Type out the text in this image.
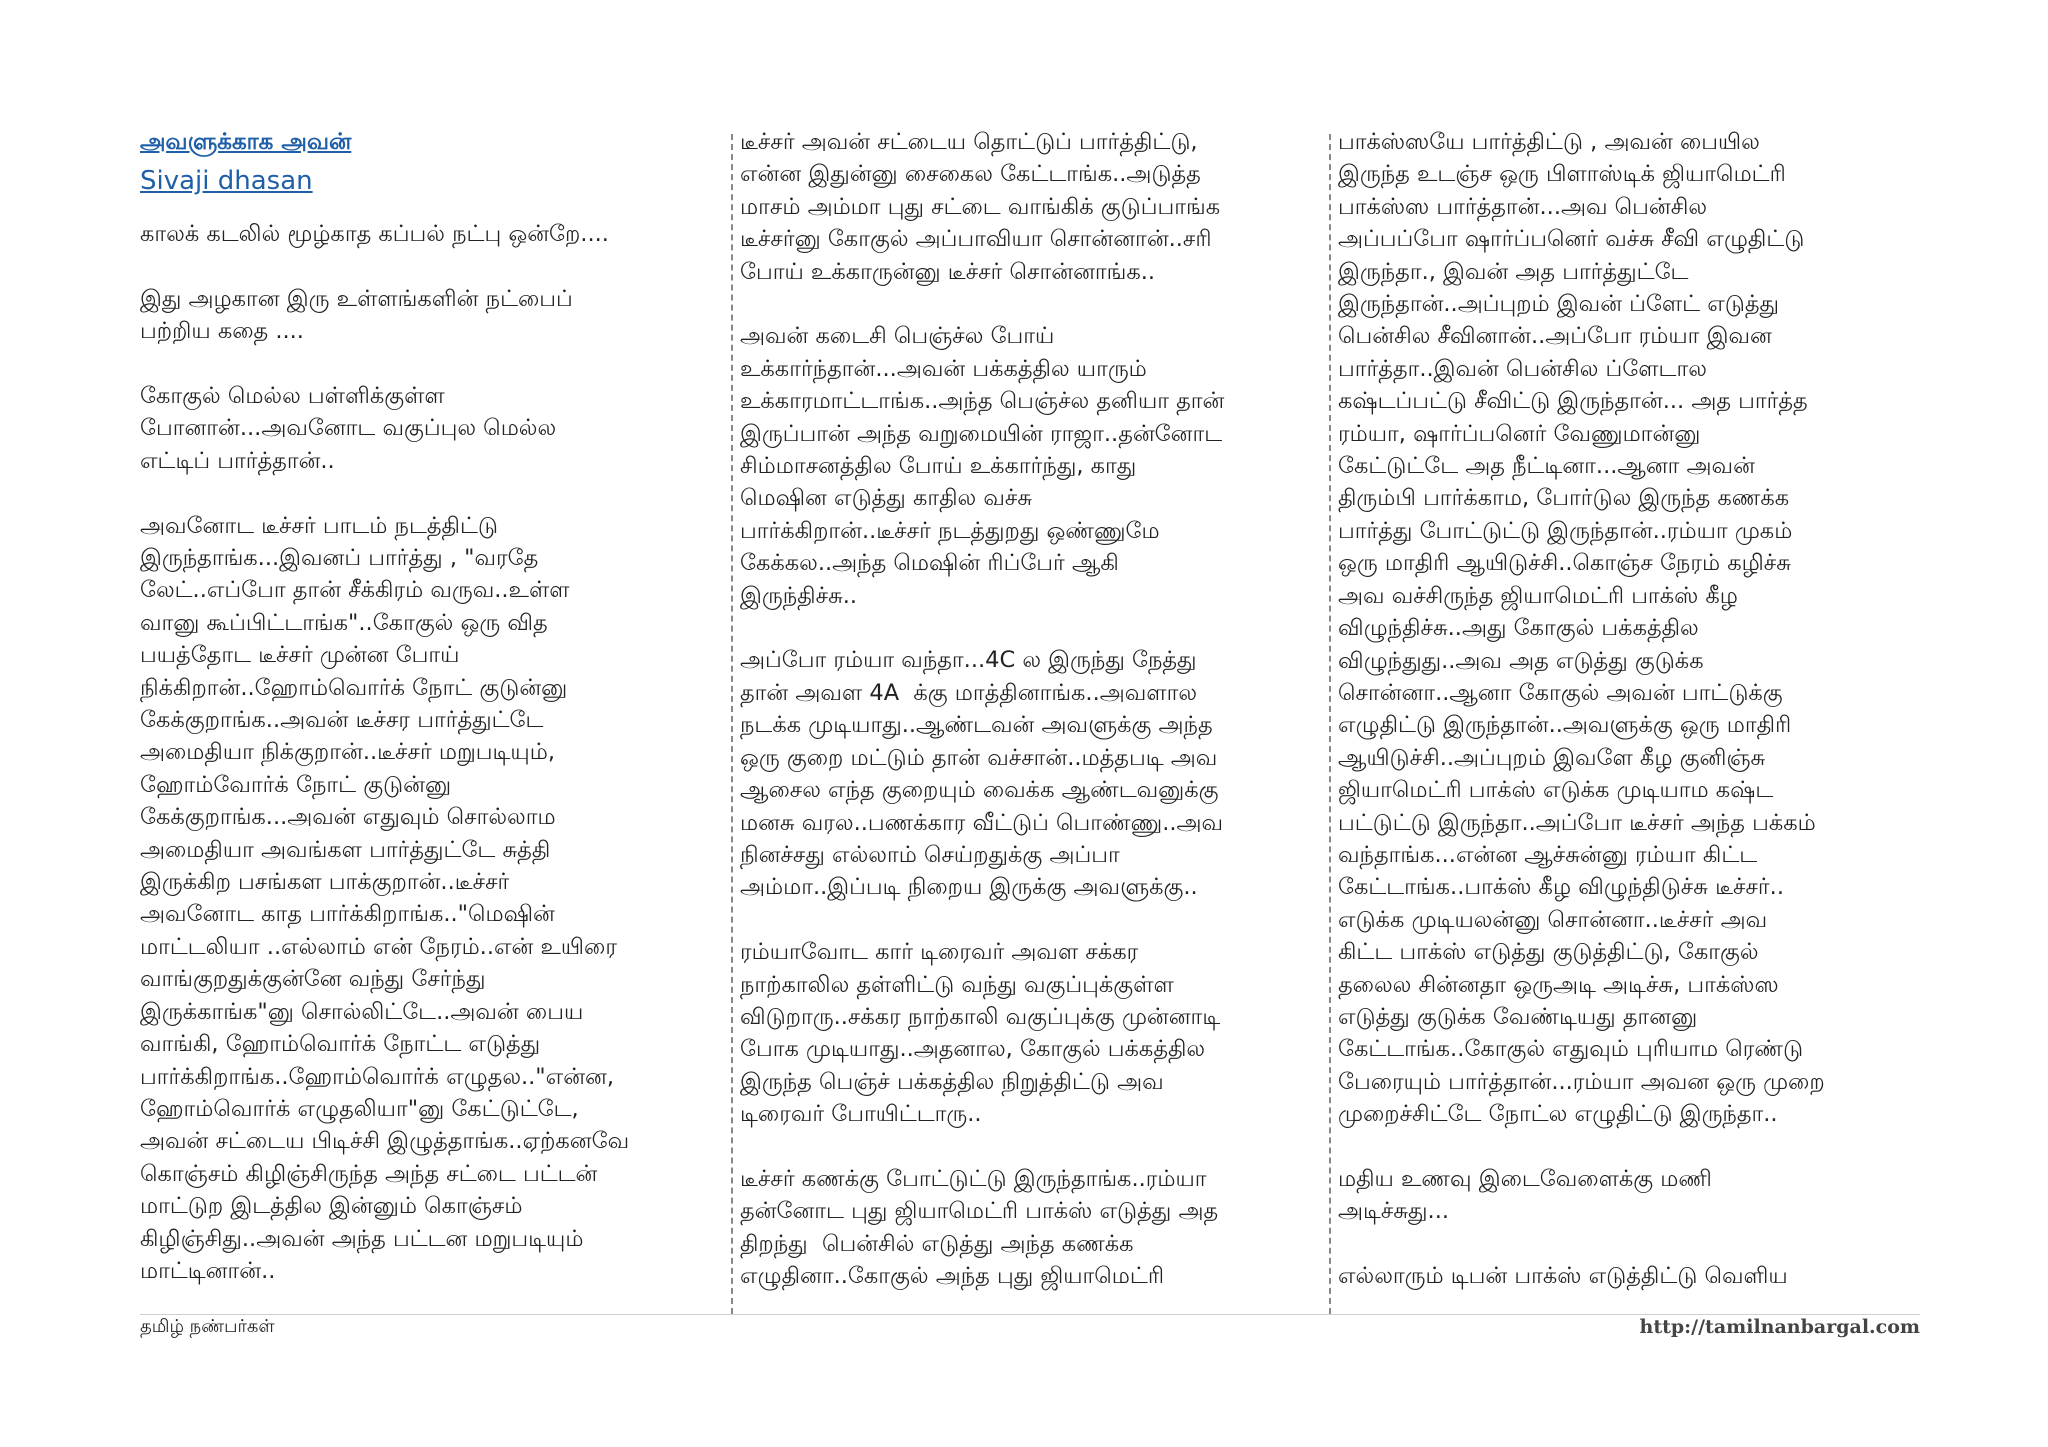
அவளுக்காக அவன்
Sivaji dhasan
காலக் கடலில் மூழ்காத கப்பல் நட்பு ஒன்றே....
இது அழகான இரு உள்ளங்களின் நட்பைப்
பற்றிய கதை ....
கோகுல் மெல்ல பள்ளிக்குள்ள
போனான்...அவனோட வகுப்புல மெல்ல
எட்டிப் பார்த்தான்..
அவனோட டீச்சர் பாடம் நடத்திட்டு
இருந்தாங்க...இவனப் பார்த்து , "வரதே
லேட்..எப்போ தான் சீக்கிரம் வருவ..உள்ள
வானு கூப்பிட்டாங்க"..கோகுல் ஒரு வித
பயத்தோட டீச்சர் முன்ன போய்
நிக்கிறான்..ஹோம்வொர்க் நோட் குடுன்னு
கேக்குறாங்க..அவன் டீச்சர பார்த்துட்டே
அமைதியா நிக்குறான்..டீச்சர் மறுபடியும்,
ஹோம்வோர்க் நோட் குடுன்னு
கேக்குறாங்க...அவன் எதுவும் சொல்லாம
அமைதியா அவங்கள பார்த்துட்டே சுத்தி
இருக்கிற பசங்கள பாக்குறான்..டீச்சர்
அவனோட காத பார்க்கிறாங்க.."மெஷின்
மாட்டலியா ..எல்லாம் என் நேரம்..என் உயிரை
வாங்குறதுக்குன்னே வந்து சேர்ந்து
இருக்காங்க"னு சொல்லிட்டே..அவன் பைய
வாங்கி, ஹோம்வொர்க் நோட்ட எடுத்து
பார்க்கிறாங்க..ஹோம்வொர்க் எழுதல.."என்ன,
ஹோம்வொர்க் எழுதலியா"னு கேட்டுட்டே,
அவன் சட்டைய பிடிச்சி இழுத்தாங்க..ஏற்கனவே
கொஞ்சம் கிழிஞ்சிருந்த அந்த சட்டை பட்டன்
மாட்டுற இடத்தில இன்னும் கொஞ்சம்
கிழிஞ்சிது..அவன் அந்த பட்டன மறுபடியும்
மாட்டினான்..
டீச்சர் அவன் சட்டைய தொட்டுப் பார்த்திட்டு,
என்ன இதுன்னு சைகைல கேட்டாங்க..அடுத்த
மாசம் அம்மா புது சட்டை வாங்கிக் குடுப்பாங்க
டீச்சர்னு கோகுல் அப்பாவியா சொன்னான்..சரி
போய் உக்காருன்னு டீச்சர் சொன்னாங்க..
அவன் கடைசி பெஞ்ச்ல போய்
உக்கார்ந்தான்...அவன் பக்கத்தில யாரும்
உக்காரமாட்டாங்க..அந்த பெஞ்ச்ல தனியா தான்
இருப்பான் அந்த வறுமையின் ராஜா..தன்னோட
சிம்மாசனத்தில போய் உக்கார்ந்து, காது
மெஷின எடுத்து காதில வச்சு
பார்க்கிறான்..டீச்சர் நடத்துறது ஒண்ணுமே
கேக்கல..அந்த மெஷின் ரிப்பேர் ஆகி
இருந்திச்சு..
அப்போ ரம்யா வந்தா...4C ல இருந்து நேத்து
தான் அவள 4A  க்கு மாத்தினாங்க..அவளால
நடக்க முடியாது..ஆண்டவன் அவளுக்கு அந்த
ஒரு குறை மட்டும் தான் வச்சான்..மத்தபடி அவ
ஆசைல எந்த குறையும் வைக்க ஆண்டவனுக்கு
மனசு வரல..பணக்கார வீட்டுப் பொண்ணு..அவ
நினச்சது எல்லாம் செய்றதுக்கு அப்பா
அம்மா..இப்படி நிறைய இருக்கு அவளுக்கு..
ரம்யாவோட கார் டிரைவர் அவள சக்கர
நாற்காலில தள்ளிட்டு வந்து வகுப்புக்குள்ள
விடுறாரு..சக்கர நாற்காலி வகுப்புக்கு முன்னாடி
போக முடியாது..அதனால, கோகுல் பக்கத்தில
இருந்த பெஞ்ச் பக்கத்தில நிறுத்திட்டு அவ
டிரைவர் போயிட்டாரு..
டீச்சர் கணக்கு போட்டுட்டு இருந்தாங்க..ரம்யா
தன்னோட புது ஜியாமெட்ரி பாக்ஸ் எடுத்து அத
திறந்து  பென்சில் எடுத்து அந்த கணக்க
எழுதினா..கோகுல் அந்த புது ஜியாமெட்ரி
பாக்ஸ்ஸயே பார்த்திட்டு , அவன் பையில
இருந்த உடஞ்ச ஒரு பிளாஸ்டிக் ஜியாமெட்ரி
பாக்ஸ்ஸ பார்த்தான்...அவ பென்சில
அப்பப்போ ஷார்ப்பனெர் வச்சு சீவி எழுதிட்டு
இருந்தா., இவன் அத பார்த்துட்டே
இருந்தான்..அப்புறம் இவன் ப்ளேட் எடுத்து
பென்சில சீவினான்..அப்போ ரம்யா இவன
பார்த்தா..இவன் பென்சில ப்ளேடால
கஷ்டப்பட்டு சீவிட்டு இருந்தான்... அத பார்த்த
ரம்யா, ஷார்ப்பனெர் வேணுமான்னு
கேட்டுட்டே அத நீட்டினா...ஆனா அவன்
திரும்பி பார்க்காம, போர்டுல இருந்த கணக்க
பார்த்து போட்டுட்டு இருந்தான்..ரம்யா முகம்
ஒரு மாதிரி ஆயிடுச்சி..கொஞ்ச நேரம் கழிச்சு
அவ வச்சிருந்த ஜியாமெட்ரி பாக்ஸ் கீழ
விழுந்திச்சு..அது கோகுல் பக்கத்தில
விழுந்துது..அவ அத எடுத்து குடுக்க
சொன்னா..ஆனா கோகுல் அவன் பாட்டுக்கு
எழுதிட்டு இருந்தான்..அவளுக்கு ஒரு மாதிரி
ஆயிடுச்சி..அப்புறம் இவளே கீழ குனிஞ்சு
ஜியாமெட்ரி பாக்ஸ் எடுக்க முடியாம கஷ்ட
பட்டுட்டு இருந்தா..அப்போ டீச்சர் அந்த பக்கம்
வந்தாங்க...என்ன ஆச்சுன்னு ரம்யா கிட்ட
கேட்டாங்க..பாக்ஸ் கீழ விழுந்திடுச்சு டீச்சர்..
எடுக்க முடியலன்னு சொன்னா..டீச்சர் அவ
கிட்ட பாக்ஸ் எடுத்து குடுத்திட்டு, கோகுல்
தலைல சின்னதா ஒருஅடி அடிச்சு, பாக்ஸ்ஸ
எடுத்து குடுக்க வேண்டியது தானனு
கேட்டாங்க..கோகுல் எதுவும் புரியாம ரெண்டு
பேரையும் பார்த்தான்...ரம்யா அவன ஒரு முறை
முறைச்சிட்டே நோட்ல எழுதிட்டு இருந்தா..
மதிய உணவு இடைவேளைக்கு மணி
அடிச்சுது...
எல்லாரும் டிபன் பாக்ஸ் எடுத்திட்டு வெளிய
தமிழ் நண்பர்கள்	http://tamilnanbargal.com
